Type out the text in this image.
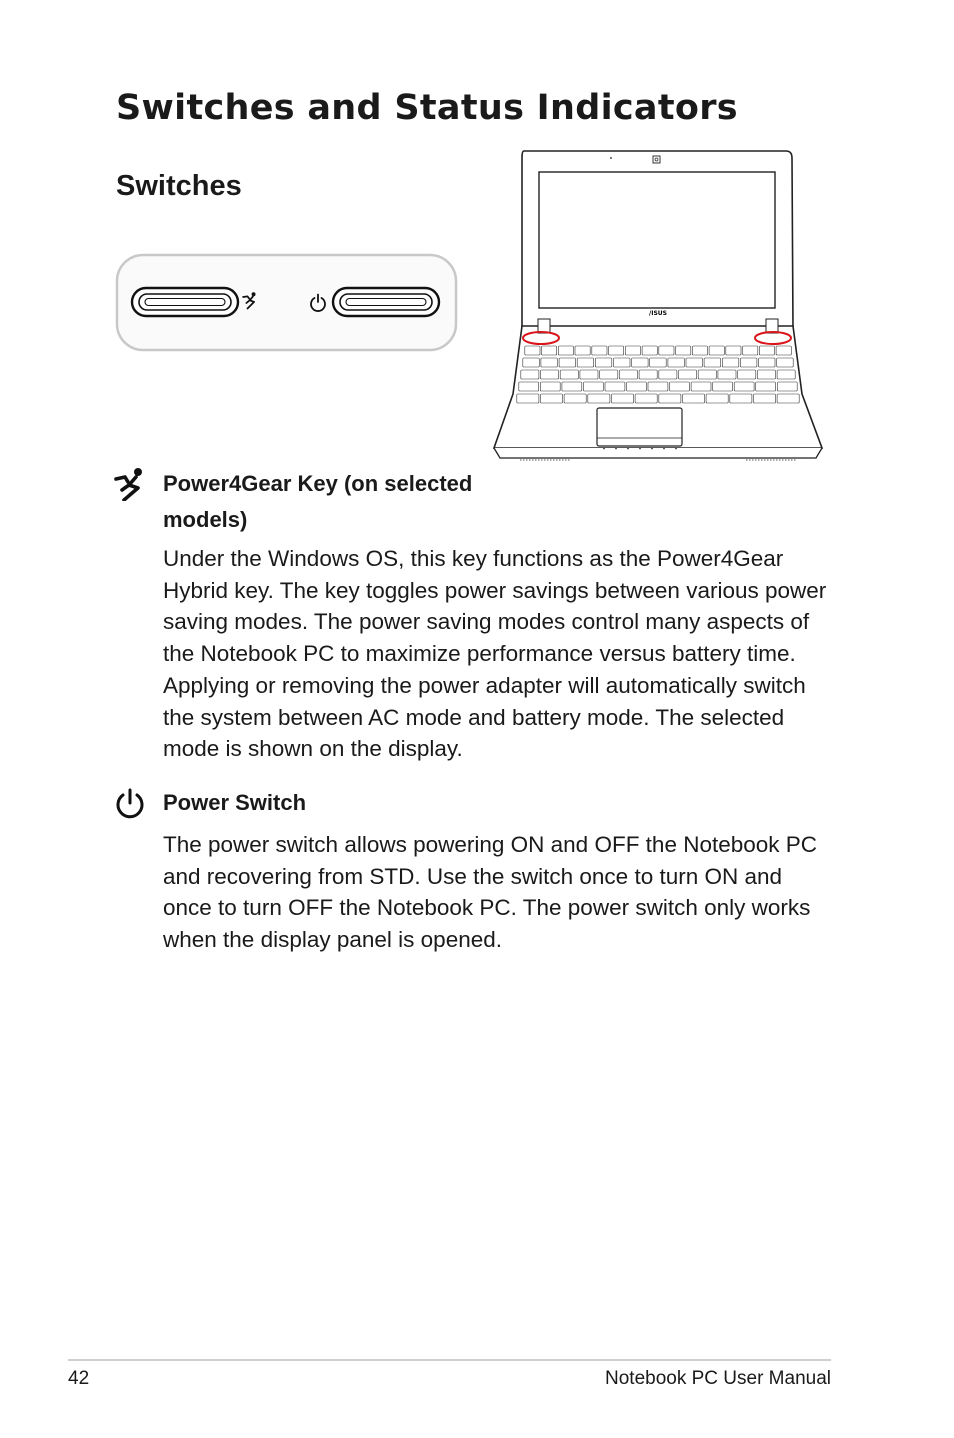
Switches and Status Indicators
Switches
/ISUS

Power4Gear Key (on selected
models)

Under the Windows OS, this key functions as the Power4Gear Hybrid key. The key toggles power savings between various power saving modes. The power saving modes control many aspects of the Notebook PC to maximize performance versus battery time. Applying or removing the power adapter will automatically switch the system between AC mode and battery mode. The selected mode is shown on the display.

Power Switch

The power switch allows powering ON and OFF the Notebook PC and recovering from STD. Use the switch once to turn ON and once to turn OFF the Notebook PC. The power switch only works when the display panel is opened.

42	Notebook PC User Manual
